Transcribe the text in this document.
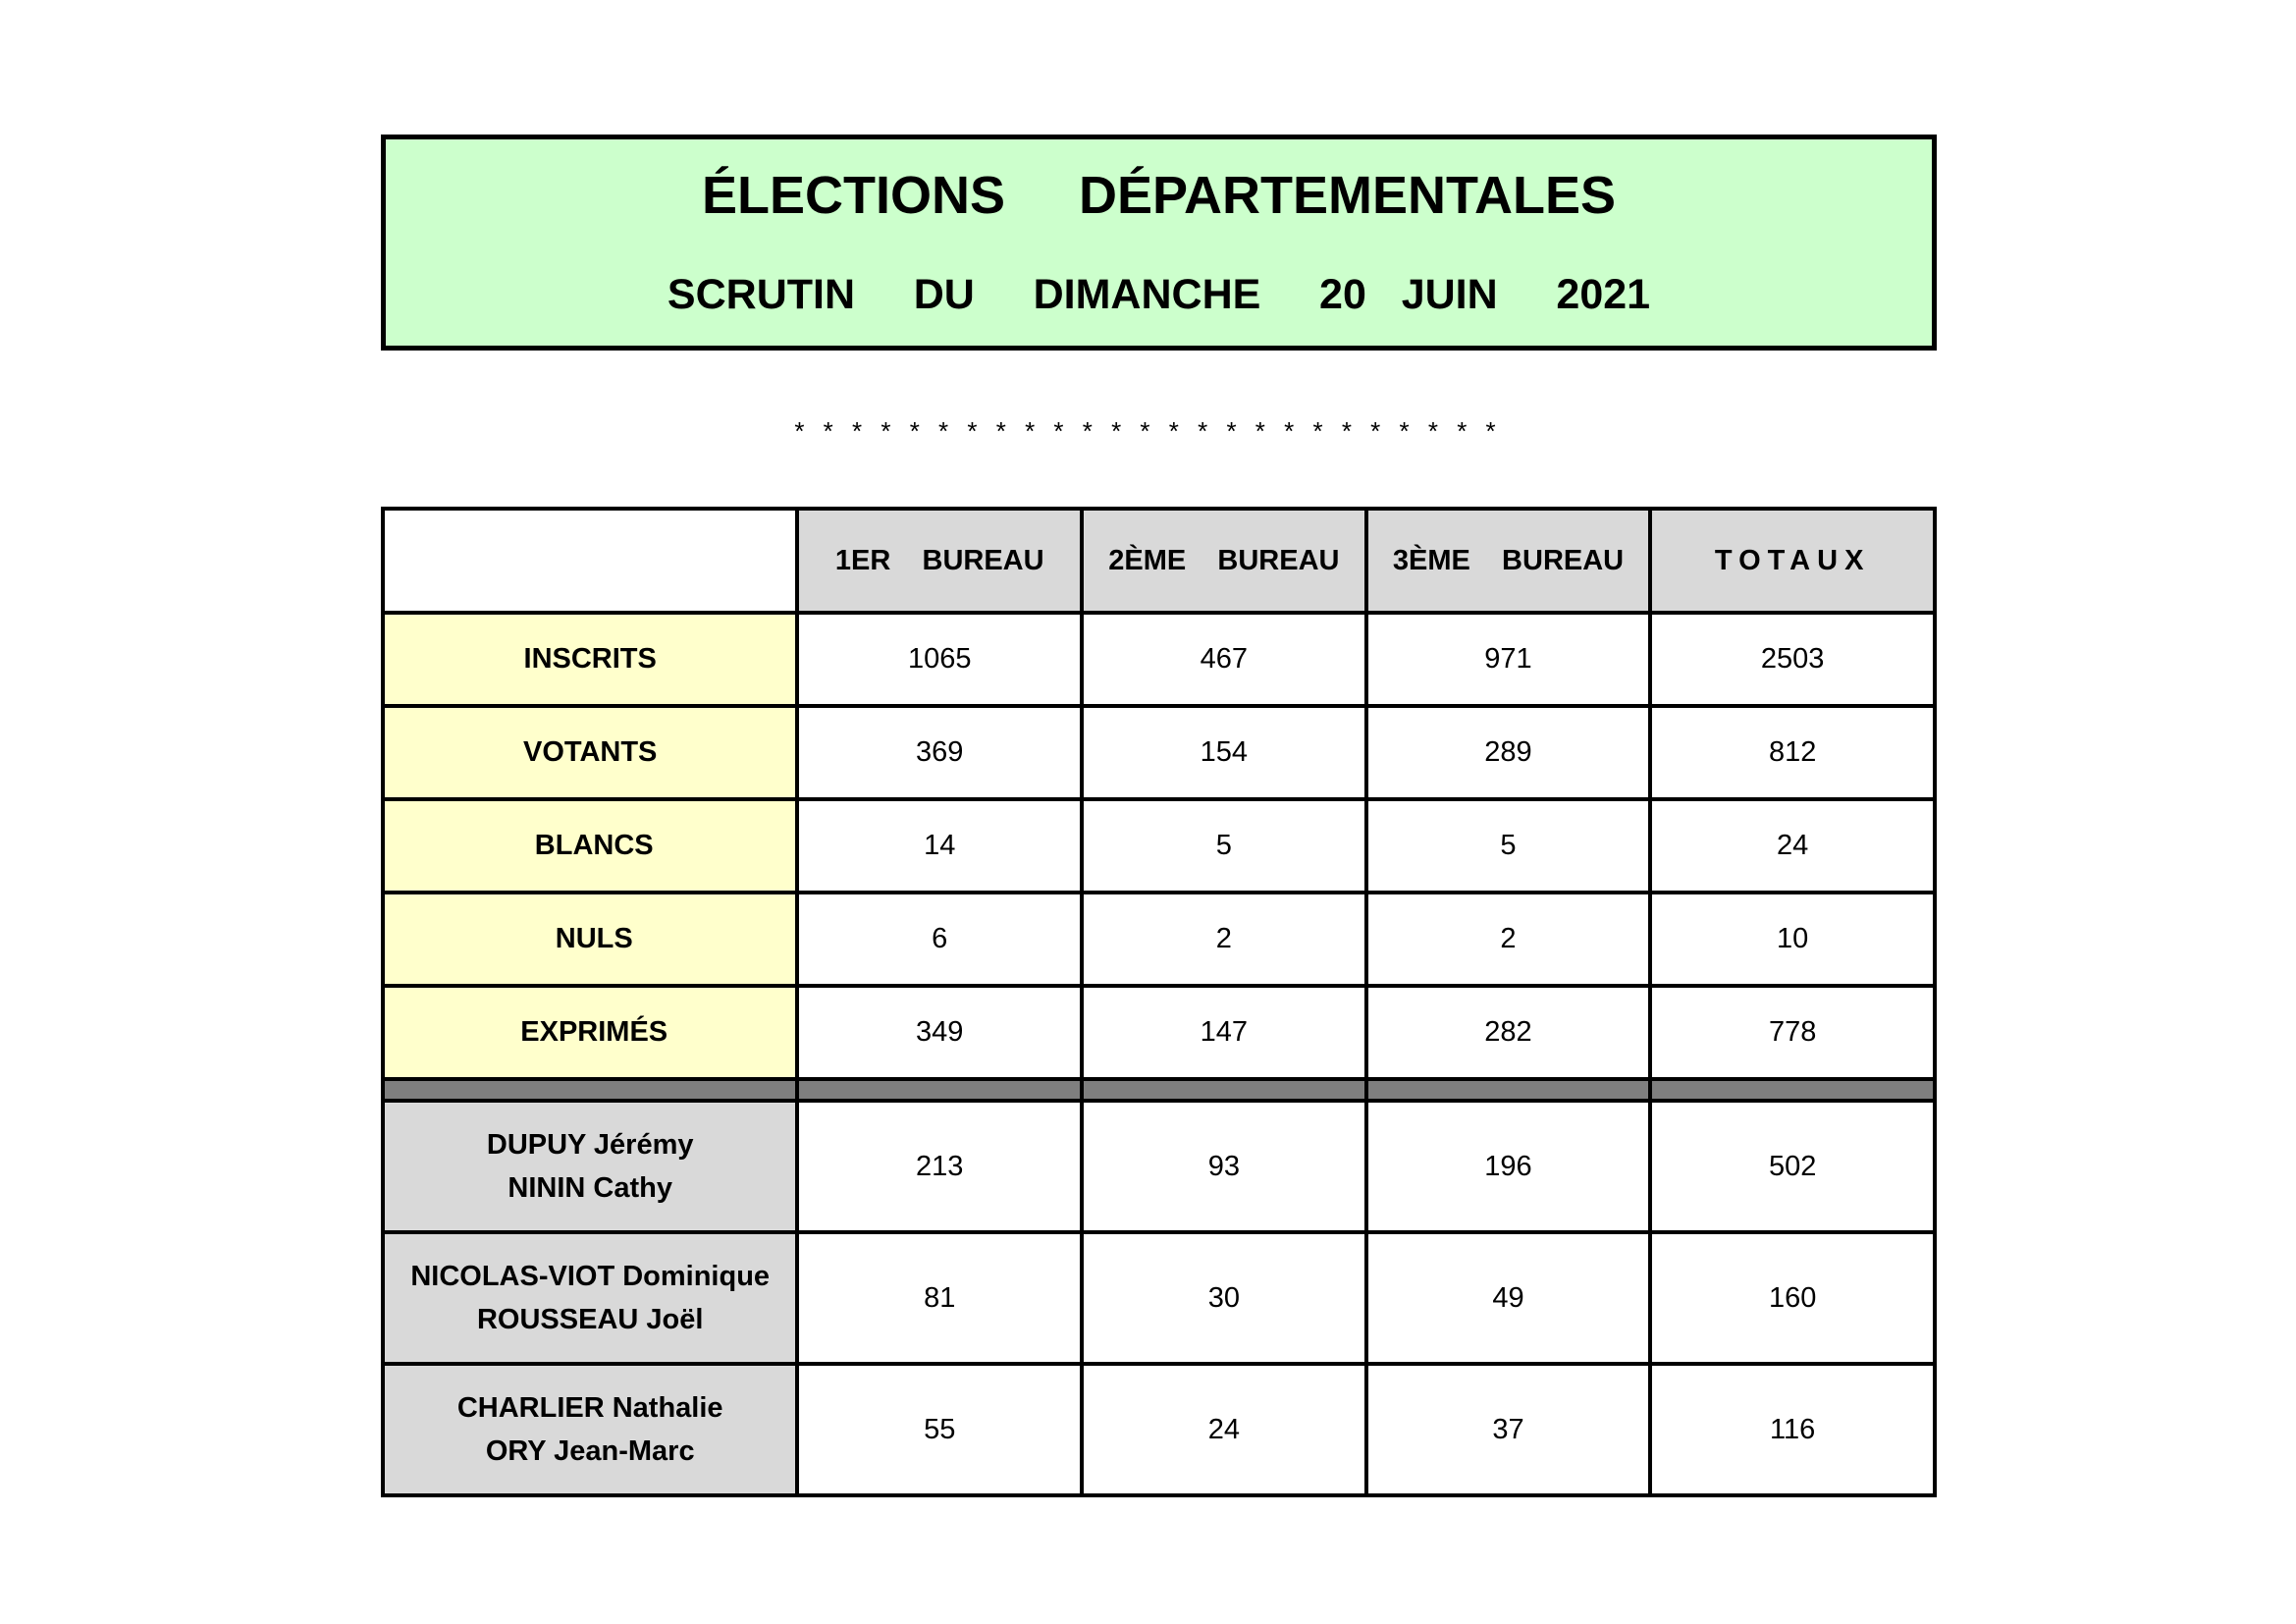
ÉLECTIONS     DÉPARTEMENTALES
SCRUTIN     DU     DIMANCHE     20   JUIN     2021
* * * * * * * * * * * * * * * * * * * * * * * * *
	1ER    BUREAU	2ÈME    BUREAU	3ÈME    BUREAU	TOTAUX
INSCRITS	1065	467	971	2503
VOTANTS	369	154	289	812
BLANCS	14	5	5	24
NULS	6	2	2	10
EXPRIMÉS	349	147	282	778

DUPUY Jérémy
NININ Cathy	213	93	196	502

NICOLAS-VIOT Dominique
ROUSSEAU Joël	81	30	49	160

CHARLIER Nathalie
ORY Jean-Marc	55	24	37	116
